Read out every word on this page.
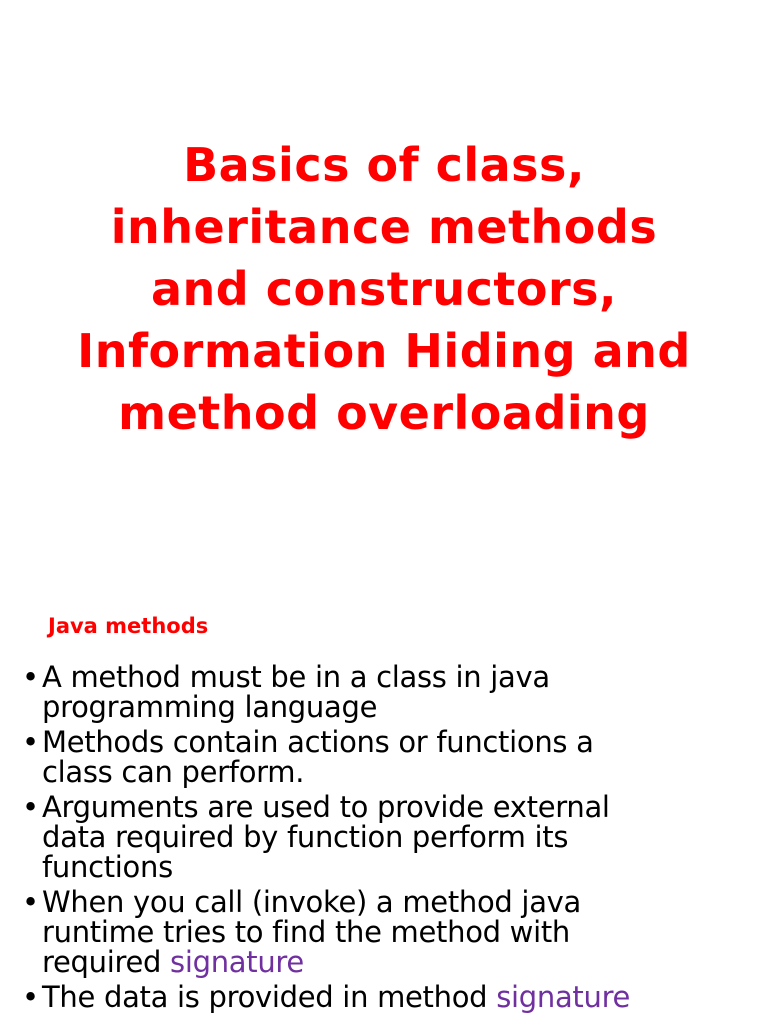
Basics of class,
inheritance methods
and constructors,
Information Hiding and
method overloading
Java methods
• A method must be in a class in java
programming language
• Methods contain actions or functions a
class can perform.
• Arguments are used to provide external
data required by function perform its
functions
• When you call (invoke) a method java
runtime tries to find the method with
required signature
• The data is provided in method signature
